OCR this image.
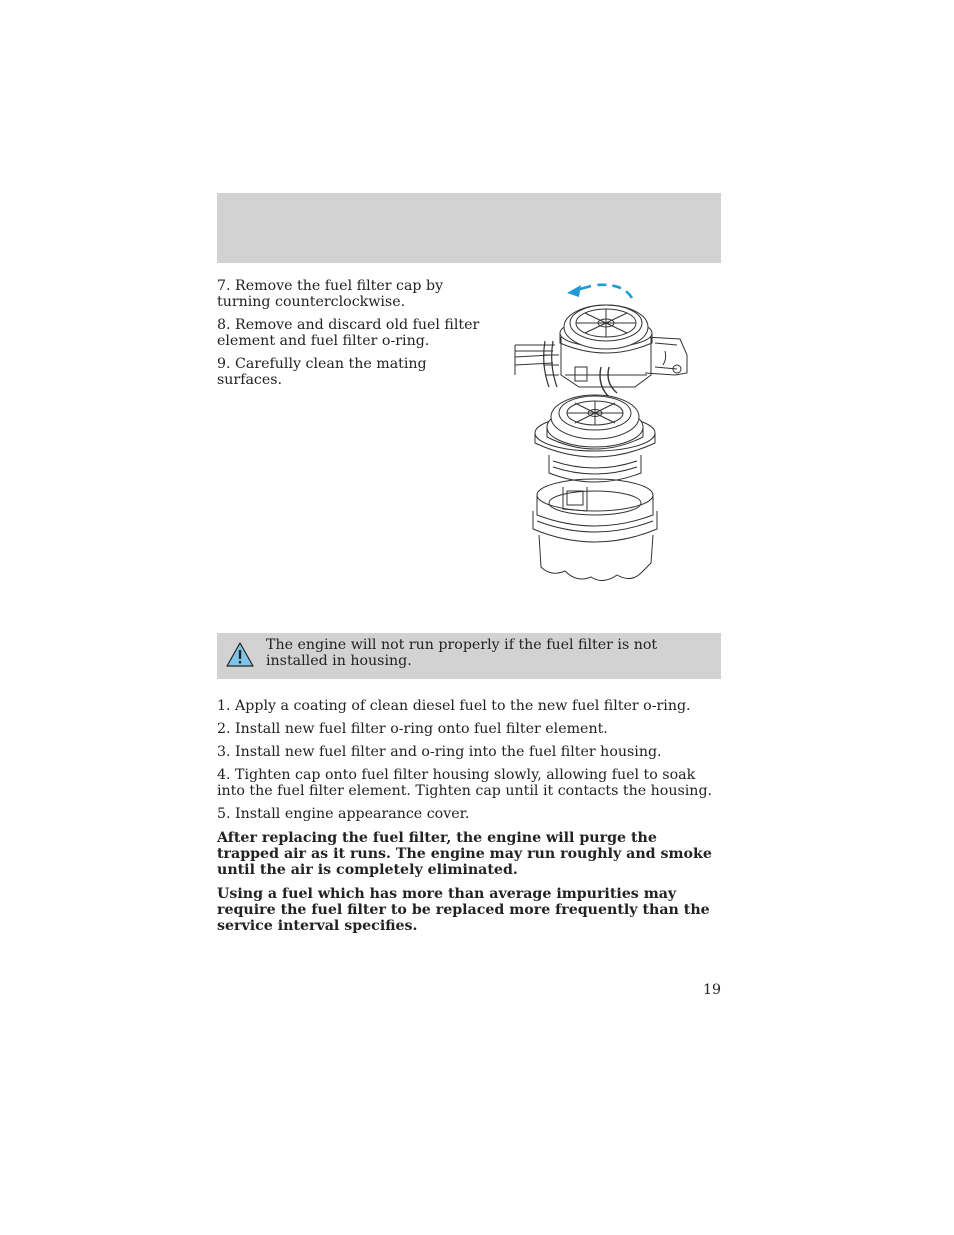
7. Remove the fuel filter cap by turning counterclockwise.

8. Remove and discard old fuel filter element and fuel filter o-ring.

9. Carefully clean the mating surfaces.

The engine will not run properly if the fuel filter is not installed in housing.

1. Apply a coating of clean diesel fuel to the new fuel filter o-ring.

2. Install new fuel filter o-ring onto fuel filter element.

3. Install new fuel filter and o-ring into the fuel filter housing.

4. Tighten cap onto fuel filter housing slowly, allowing fuel to soak into the fuel filter element. Tighten cap until it contacts the housing.

5. Install engine appearance cover.

After replacing the fuel filter, the engine will purge the trapped air as it runs. The engine may run roughly and smoke until the air is completely eliminated.

Using a fuel which has more than average impurities may require the fuel filter to be replaced more frequently than the service interval specifies.

19
